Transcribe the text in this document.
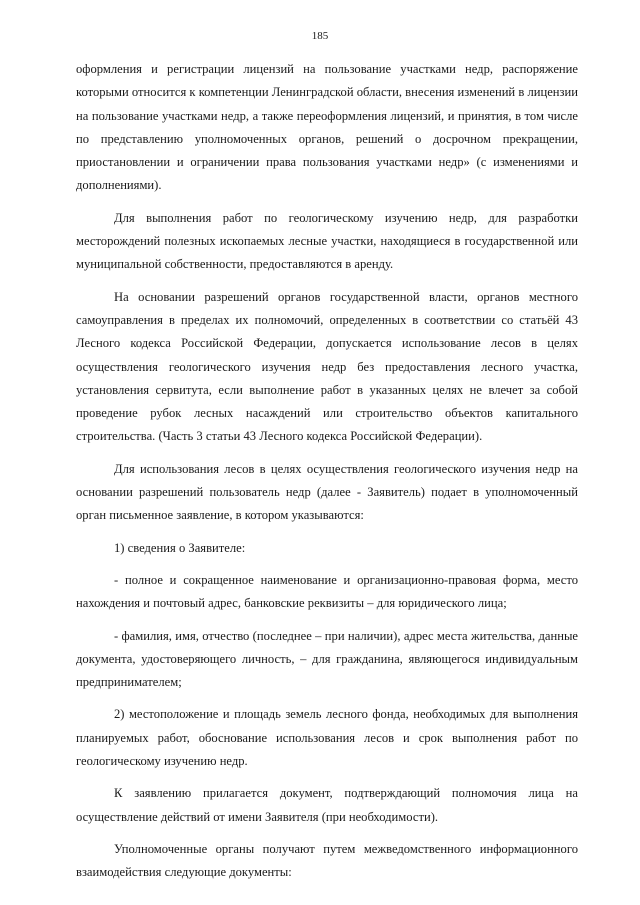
185

оформления и регистрации лицензий на пользование участками недр, распоряжение которыми относится к компетенции Ленинградской области, внесения изменений в лицензии на пользование участками недр, а также переоформления лицензий, и принятия, в том числе по представлению уполномоченных органов, решений о досрочном прекращении, приостановлении и ограничении права пользования участками недр» (с изменениями и дополнениями).

Для выполнения работ по геологическому изучению недр, для разработки месторождений полезных ископаемых лесные участки, находящиеся в государственной или муниципальной собственности, предоставляются в аренду.

На основании разрешений органов государственной власти, органов местного самоуправления в пределах их полномочий, определенных в соответствии со статьёй 43 Лесного кодекса Российской Федерации, допускается использование лесов в целях осуществления геологического изучения недр без предоставления лесного участка, установления сервитута, если выполнение работ в указанных целях не влечет за собой проведение рубок лесных насаждений или строительство объектов капитального строительства. (Часть 3 статьи 43 Лесного кодекса Российской Федерации).

Для использования лесов в целях осуществления геологического изучения недр на основании разрешений пользователь недр (далее - Заявитель) подает в уполномоченный орган письменное заявление, в котором указываются:

1) сведения о Заявителе:

- полное и сокращенное наименование и организационно-правовая форма, место нахождения и почтовый адрес, банковские реквизиты – для юридического лица;

- фамилия, имя, отчество (последнее – при наличии), адрес места жительства, данные документа, удостоверяющего личность, – для гражданина, являющегося индивидуальным предпринимателем;

2) местоположение и площадь земель лесного фонда, необходимых для выполнения планируемых работ, обоснование использования лесов и срок выполнения работ по геологическому изучению недр.

К заявлению прилагается документ, подтверждающий полномочия лица на осуществление действий от имени Заявителя (при необходимости).

Уполномоченные органы получают путем межведомственного информационного взаимодействия следующие документы:
